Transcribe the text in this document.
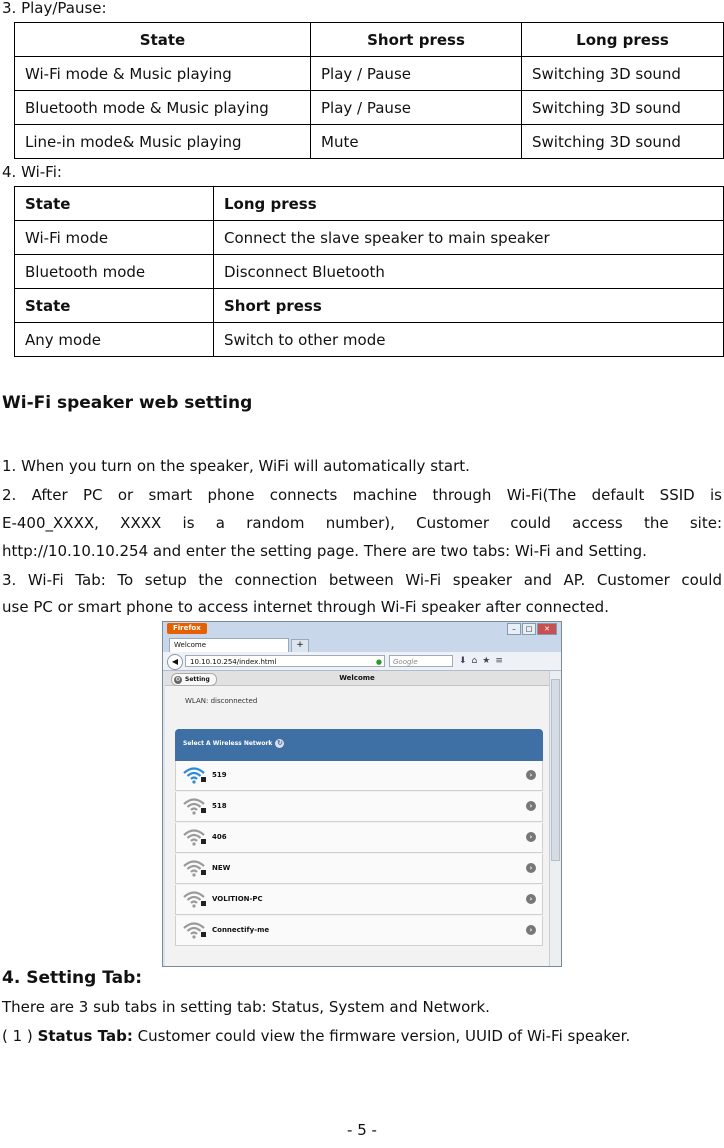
3. Play/Pause:
State	Short press	Long press
Wi-Fi mode & Music playing	Play / Pause	Switching 3D sound
Bluetooth mode & Music playing	Play / Pause	Switching 3D sound
Line-in mode& Music playing	Mute	Switching 3D sound
4. Wi-Fi:
State	Long press
Wi-Fi mode	Connect the slave speaker to main speaker
Bluetooth mode	Disconnect Bluetooth
State	Short press
Any mode	Switch to other mode
Wi-Fi speaker web setting
1. When you turn on the speaker, WiFi will automatically start.
2. After PC or smart phone connects machine through Wi-Fi(The default SSID is
E-400_XXXX, XXXX is a random number), Customer could access the site:
http://10.10.10.254 and enter the setting page. There are two tabs: Wi-Fi and Setting.
3. Wi-Fi Tab: To setup the connection between Wi-Fi speaker and AP. Customer could
use PC or smart phone to access internet through Wi-Fi speaker after connected.
Firefox	– □ ✕
Welcome	+
◀	10.10.10.254/index.html	●	Google	⬇⌂★≡
Welcome
⚙ Setting
WLAN: disconnected
Select A Wireless Network ↻
519	›
518	›
406	›
NEW	›
VOLITION-PC	›
Connectify-me	›
4. Setting Tab:
There are 3 sub tabs in setting tab: Status, System and Network.
( 1 ) Status Tab: Customer could view the firmware version, UUID of Wi-Fi speaker.
- 5 -
